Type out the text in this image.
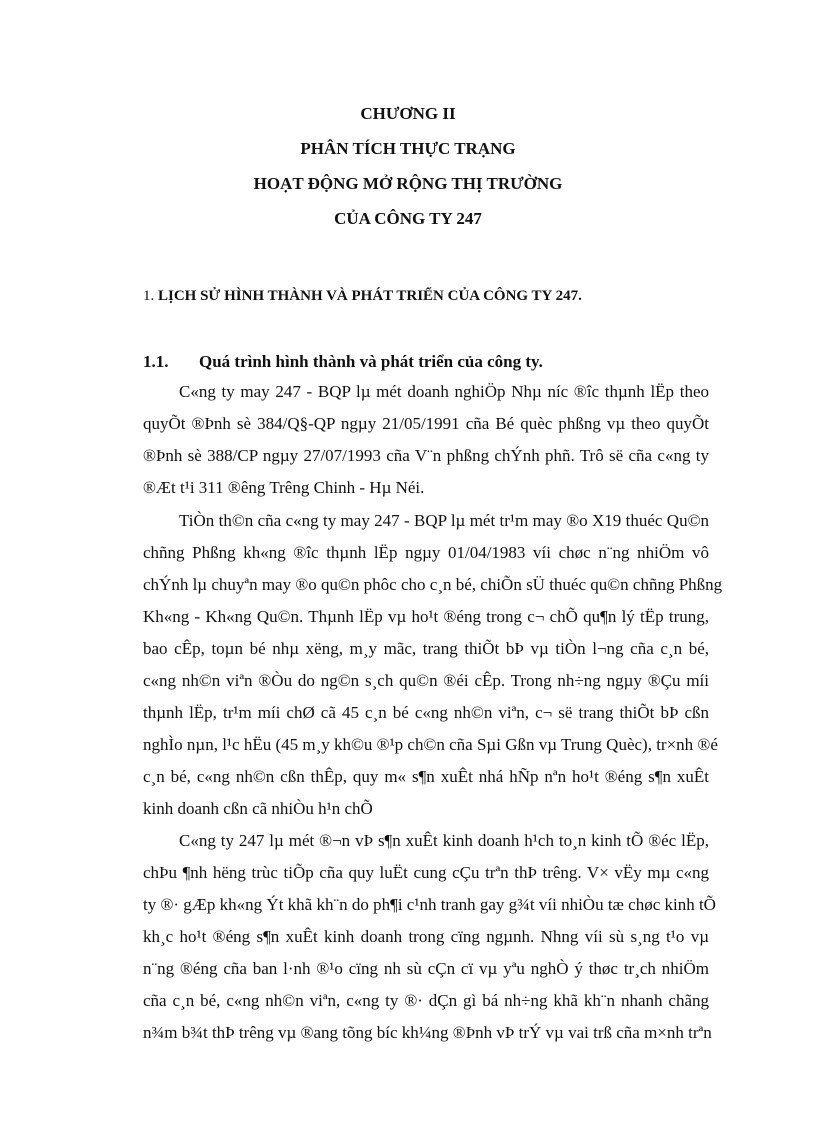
CHƯƠNG II
PHÂN TÍCH THỰC TRẠNG
HOẠT ĐỘNG MỞ RỘNG THỊ TRƯỜNG
CỦA CÔNG TY 247
1. LỊCH SỬ HÌNH THÀNH VÀ PHÁT TRIỂN CỦA CÔNG TY 247.
1.1. Quá trình hình thành và phát triển của công ty.
C«ng ty may 247 - BQP lµ mét doanh nghiÖp Nhµ níc ®îc thµnh lËp theo
quyÕt ®Þnh sè 384/Q§-QP ngµy 21/05/1991 cña Bé quèc phßng vµ theo quyÕt
®Þnh sè 388/CP ngµy 27/07/1993 cña V¨n phßng chÝnh phñ. Trô së cña c«ng ty
®Æt t¹i 311 ®êng Trêng Chinh - Hµ Néi.
TiÒn th©n cña c«ng ty may 247 - BQP lµ mét tr¹m may ®o X19 thuéc Qu©n
chñng Phßng kh«ng ®îc thµnh lËp ngµy 01/04/1983 víi chøc n¨ng nhiÖm vô
chÝnh lµ chuyªn may ®o qu©n phôc cho c¸n bé, chiÕn sÜ thuéc qu©n chñng Phßng
Kh«ng - Kh«ng Qu©n. Thµnh lËp vµ ho¹t ®éng trong c¬ chÕ qu¶n lý tËp trung,
bao cÊp, toµn bé nhµ xëng, m¸y mãc, trang thiÕt bÞ vµ tiÒn l¬ng cña c¸n bé,
c«ng nh©n viªn ®Òu do ng©n s¸ch qu©n ®éi cÊp. Trong nh÷ng ngµy ®Çu míi
thµnh lËp, tr¹m míi chØ cã 45 c¸n bé c«ng nh©n viªn, c¬ së trang thiÕt bÞ cßn
nghÌo nµn, l¹c hËu (45 m¸y kh©u ®¹p ch©n cña Sµi Gßn vµ Trung Quèc), tr×nh ®é
c¸n bé, c«ng nh©n cßn thÊp, quy m« s¶n xuÊt nhá hÑp nªn ho¹t ®éng s¶n xuÊt
kinh doanh cßn cã nhiÒu h¹n chÕ
C«ng ty 247 lµ mét ®¬n vÞ s¶n xuÊt kinh doanh h¹ch to¸n kinh tÕ ®éc lËp,
chÞu ¶nh hëng trùc tiÕp cña quy luËt cung cÇu trªn thÞ trêng. V× vËy mµ c«ng
ty ®· gÆp kh«ng Ýt khã kh¨n do ph¶i c¹nh tranh gay g¾t víi nhiÒu tæ chøc kinh tÕ
kh¸c ho¹t ®éng s¶n xuÊt kinh doanh trong cïng ngµnh. Nhng víi sù s¸ng t¹o vµ
n¨ng ®éng cña ban l·nh ®¹o cïng nh sù cÇn cï vµ yªu nghÒ ý thøc tr¸ch nhiÖm
cña c¸n bé, c«ng nh©n viªn, c«ng ty ®· dÇn gì bá nh÷ng khã kh¨n nhanh chãng
n¾m b¾t thÞ trêng vµ ®ang tõng bíc kh¼ng ®Þnh vÞ trÝ vµ vai trß cña m×nh trªn
